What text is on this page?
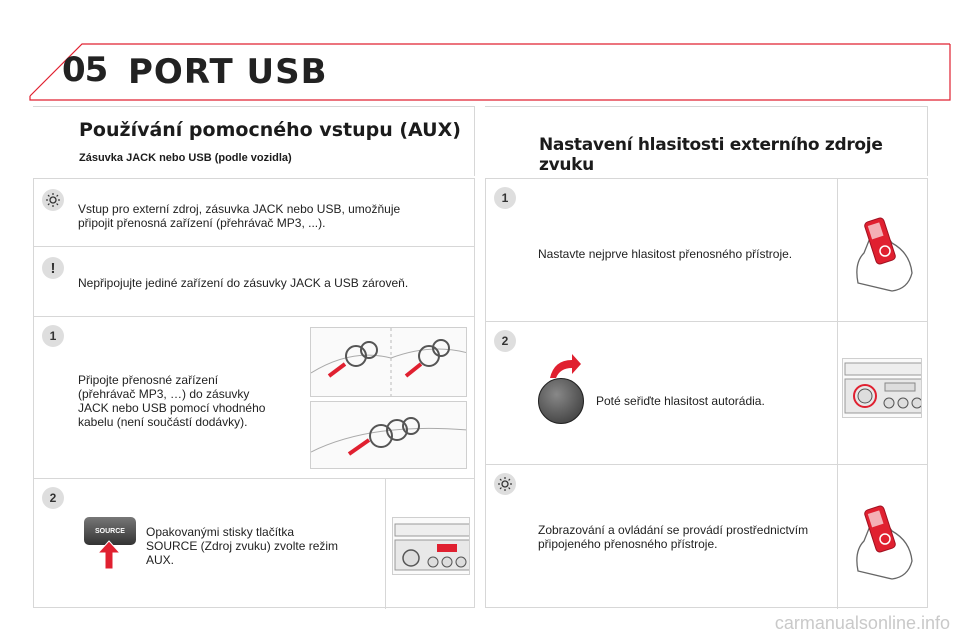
05 PORT USB
Používání pomocného vstupu (AUX)
Zásuvka JACK nebo USB (podle vozidla)
Vstup pro externí zdroj, zásuvka JACK nebo USB, umožňuje připojit přenosná zařízení (přehrávač MP3, ...).
!
Nepřipojujte jediné zařízení do zásuvky JACK a USB zároveň.
1
Připojte přenosné zařízení (přehrávač MP3, …) do zásuvky JACK nebo USB pomocí vhodného kabelu (není součástí dodávky).
2
SOURCE Opakovanými stisky tlačítka SOURCE (Zdroj zvuku) zvolte režim AUX.
Nastavení hlasitosti externího zdroje zvuku
1
Nastavte nejprve hlasitost přenosného přístroje.
2
Poté seřiďte hlasitost autorádia.
Zobrazování a ovládání se provádí prostřednictvím připojeného přenosného přístroje.
carmanualsonline.info
